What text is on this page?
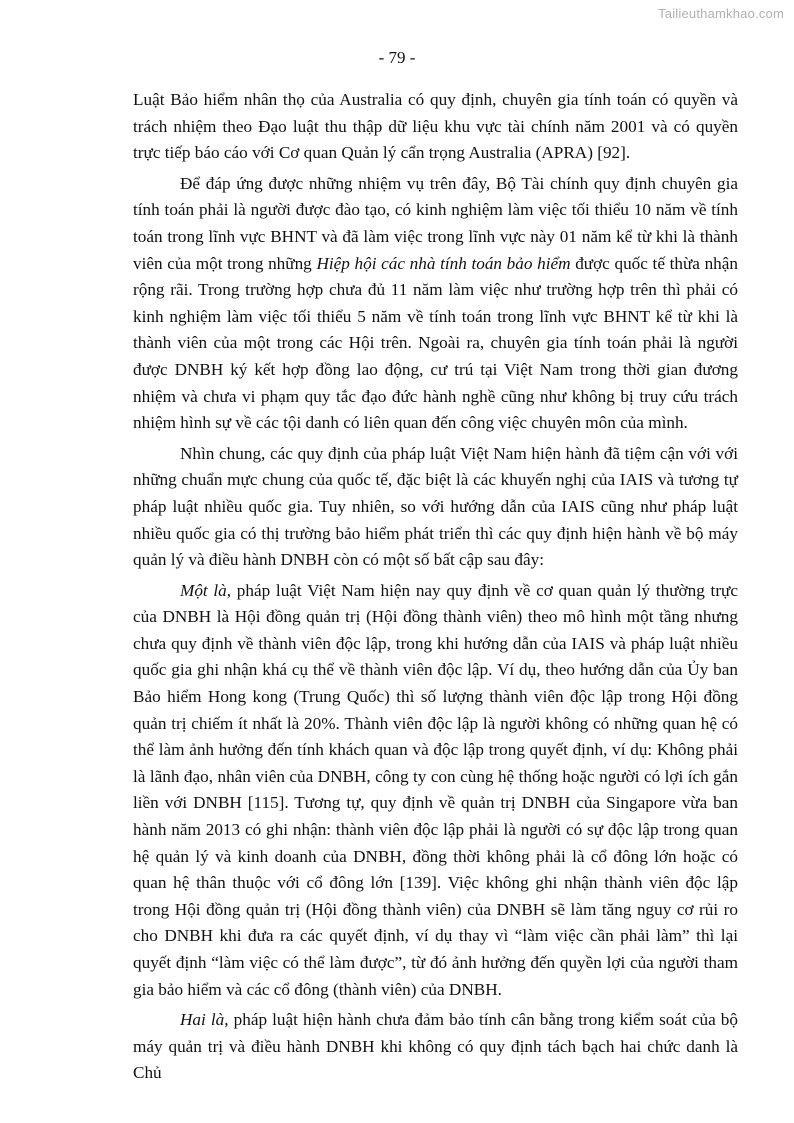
Tailieuthamkhao.com
- 79 -

Luật Bảo hiểm nhân thọ của Australia có quy định, chuyên gia tính toán có quyền và trách nhiệm theo Đạo luật thu thập dữ liệu khu vực tài chính năm 2001 và có quyền trực tiếp báo cáo với Cơ quan Quản lý cẩn trọng Australia (APRA) [92].

Để đáp ứng được những nhiệm vụ trên đây, Bộ Tài chính quy định chuyên gia tính toán phải là người được đào tạo, có kinh nghiệm làm việc tối thiểu 10 năm về tính toán trong lĩnh vực BHNT và đã làm việc trong lĩnh vực này 01 năm kể từ khi là thành viên của một trong những Hiệp hội các nhà tính toán bảo hiểm được quốc tế thừa nhận rộng rãi. Trong trường hợp chưa đủ 11 năm làm việc như trường hợp trên thì phải có kinh nghiệm làm việc tối thiểu 5 năm về tính toán trong lĩnh vực BHNT kể từ khi là thành viên của một trong các Hội trên. Ngoài ra, chuyên gia tính toán phải là người được DNBH ký kết hợp đồng lao động, cư trú tại Việt Nam trong thời gian đương nhiệm và chưa vi phạm quy tắc đạo đức hành nghề cũng như không bị truy cứu trách nhiệm hình sự về các tội danh có liên quan đến công việc chuyên môn của mình.

Nhìn chung, các quy định của pháp luật Việt Nam hiện hành đã tiệm cận với với những chuẩn mực chung của quốc tế, đặc biệt là các khuyến nghị của IAIS và tương tự pháp luật nhiều quốc gia. Tuy nhiên, so với hướng dẫn của IAIS cũng như pháp luật nhiều quốc gia có thị trường bảo hiểm phát triển thì các quy định hiện hành về bộ máy quản lý và điều hành DNBH còn có một số bất cập sau đây:

Một là, pháp luật Việt Nam hiện nay quy định về cơ quan quản lý thường trực của DNBH là Hội đồng quản trị (Hội đồng thành viên) theo mô hình một tầng nhưng chưa quy định về thành viên độc lập, trong khi hướng dẫn của IAIS và pháp luật nhiều quốc gia ghi nhận khá cụ thể về thành viên độc lập. Ví dụ, theo hướng dẫn của Ủy ban Bảo hiểm Hong kong (Trung Quốc) thì số lượng thành viên độc lập trong Hội đồng quản trị chiếm ít nhất là 20%. Thành viên độc lập là người không có những quan hệ có thể làm ảnh hưởng đến tính khách quan và độc lập trong quyết định, ví dụ: Không phải là lãnh đạo, nhân viên của DNBH, công ty con cùng hệ thống hoặc người có lợi ích gắn liền với DNBH [115]. Tương tự, quy định về quản trị DNBH của Singapore vừa ban hành năm 2013 có ghi nhận: thành viên độc lập phải là người có sự độc lập trong quan hệ quản lý và kinh doanh của DNBH, đồng thời không phải là cổ đông lớn hoặc có quan hệ thân thuộc với cổ đông lớn [139]. Việc không ghi nhận thành viên độc lập trong Hội đồng quản trị (Hội đồng thành viên) của DNBH sẽ làm tăng nguy cơ rủi ro cho DNBH khi đưa ra các quyết định, ví dụ thay vì “làm việc cần phải làm” thì lại quyết định “làm việc có thể làm được”, từ đó ảnh hưởng đến quyền lợi của người tham gia bảo hiểm và các cổ đông (thành viên) của DNBH.

Hai là, pháp luật hiện hành chưa đảm bảo tính cân bằng trong kiểm soát của bộ máy quản trị và điều hành DNBH khi không có quy định tách bạch hai chức danh là Chủ
